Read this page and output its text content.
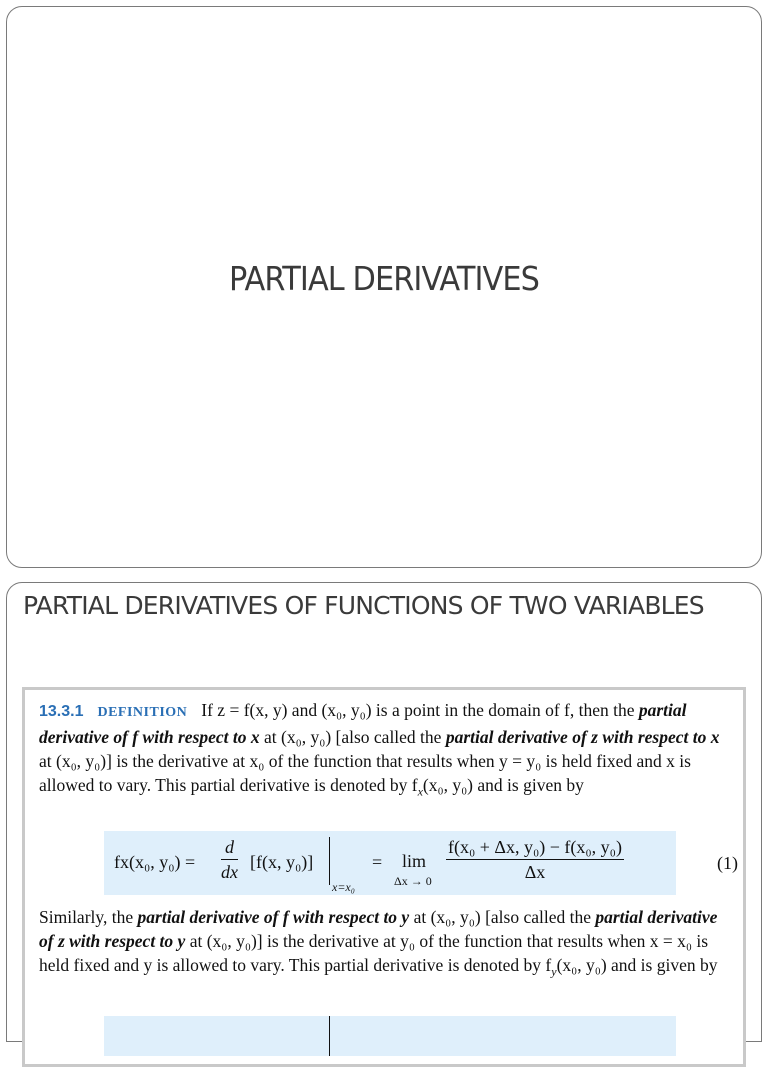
PARTIAL DERIVATIVES
PARTIAL DERIVATIVES OF FUNCTIONS OF TWO VARIABLES

13.3.1 DEFINITION If z = f(x, y) and (x₀, y₀) is a point in the domain of f, then the partial derivative of f with respect to x at (x₀, y₀) [also called the partial derivative of z with respect to x at (x₀, y₀)] is the derivative at x₀ of the function that results when y = y₀ is held fixed and x is allowed to vary. This partial derivative is denoted by $f_x(x_0$, y₀) and is given by

fx(x₀, $y_0) = \frac{d}{dx} [f(x$, y₀)]
x=x₀
= lim
$\Delta x \to 0 \frac{\text{f(x₀ + Δx, y₀) − f(x₀, y₀)}}{\Delta x}$	(1)

Similarly, the partial derivative of f with respect to y at (x₀, y₀) [also called the partial derivative of z with respect to y at (x₀, y₀)] is the derivative at y₀ of the function that results when x = x₀ is held fixed and y is allowed to vary. This partial derivative is denoted by $f_y(x_0$, y₀) and is given by
